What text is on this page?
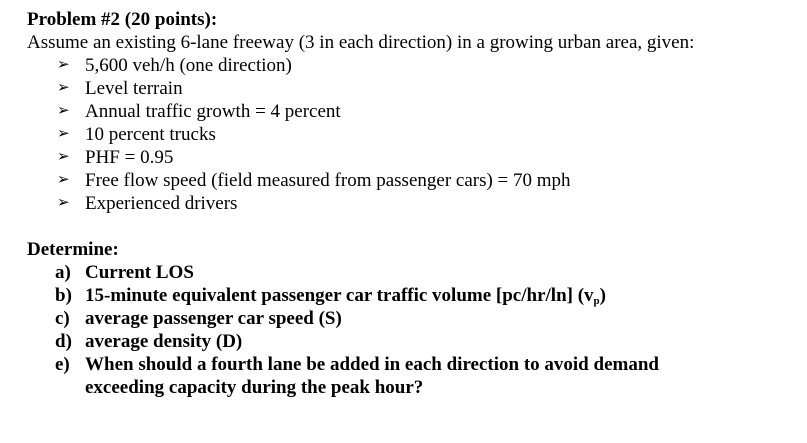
Problem #2 (20 points):
Assume an existing 6-lane freeway (3 in each direction) in a growing urban area, given:
➢ 5,600 veh/h (one direction)
➢ Level terrain
➢ Annual traffic growth = 4 percent
➢ 10 percent trucks
➢ PHF = 0.95
➢ Free flow speed (field measured from passenger cars) = 70 mph
➢ Experienced drivers
Determine:
a) Current LOS
b) 15-minute equivalent passenger car traffic volume [pc/hr/ln] $(v_p)$
c) average passenger car speed (S)
d) average density (D)
e) When should a fourth lane be added in each direction to avoid demand
exceeding capacity during the peak hour?
